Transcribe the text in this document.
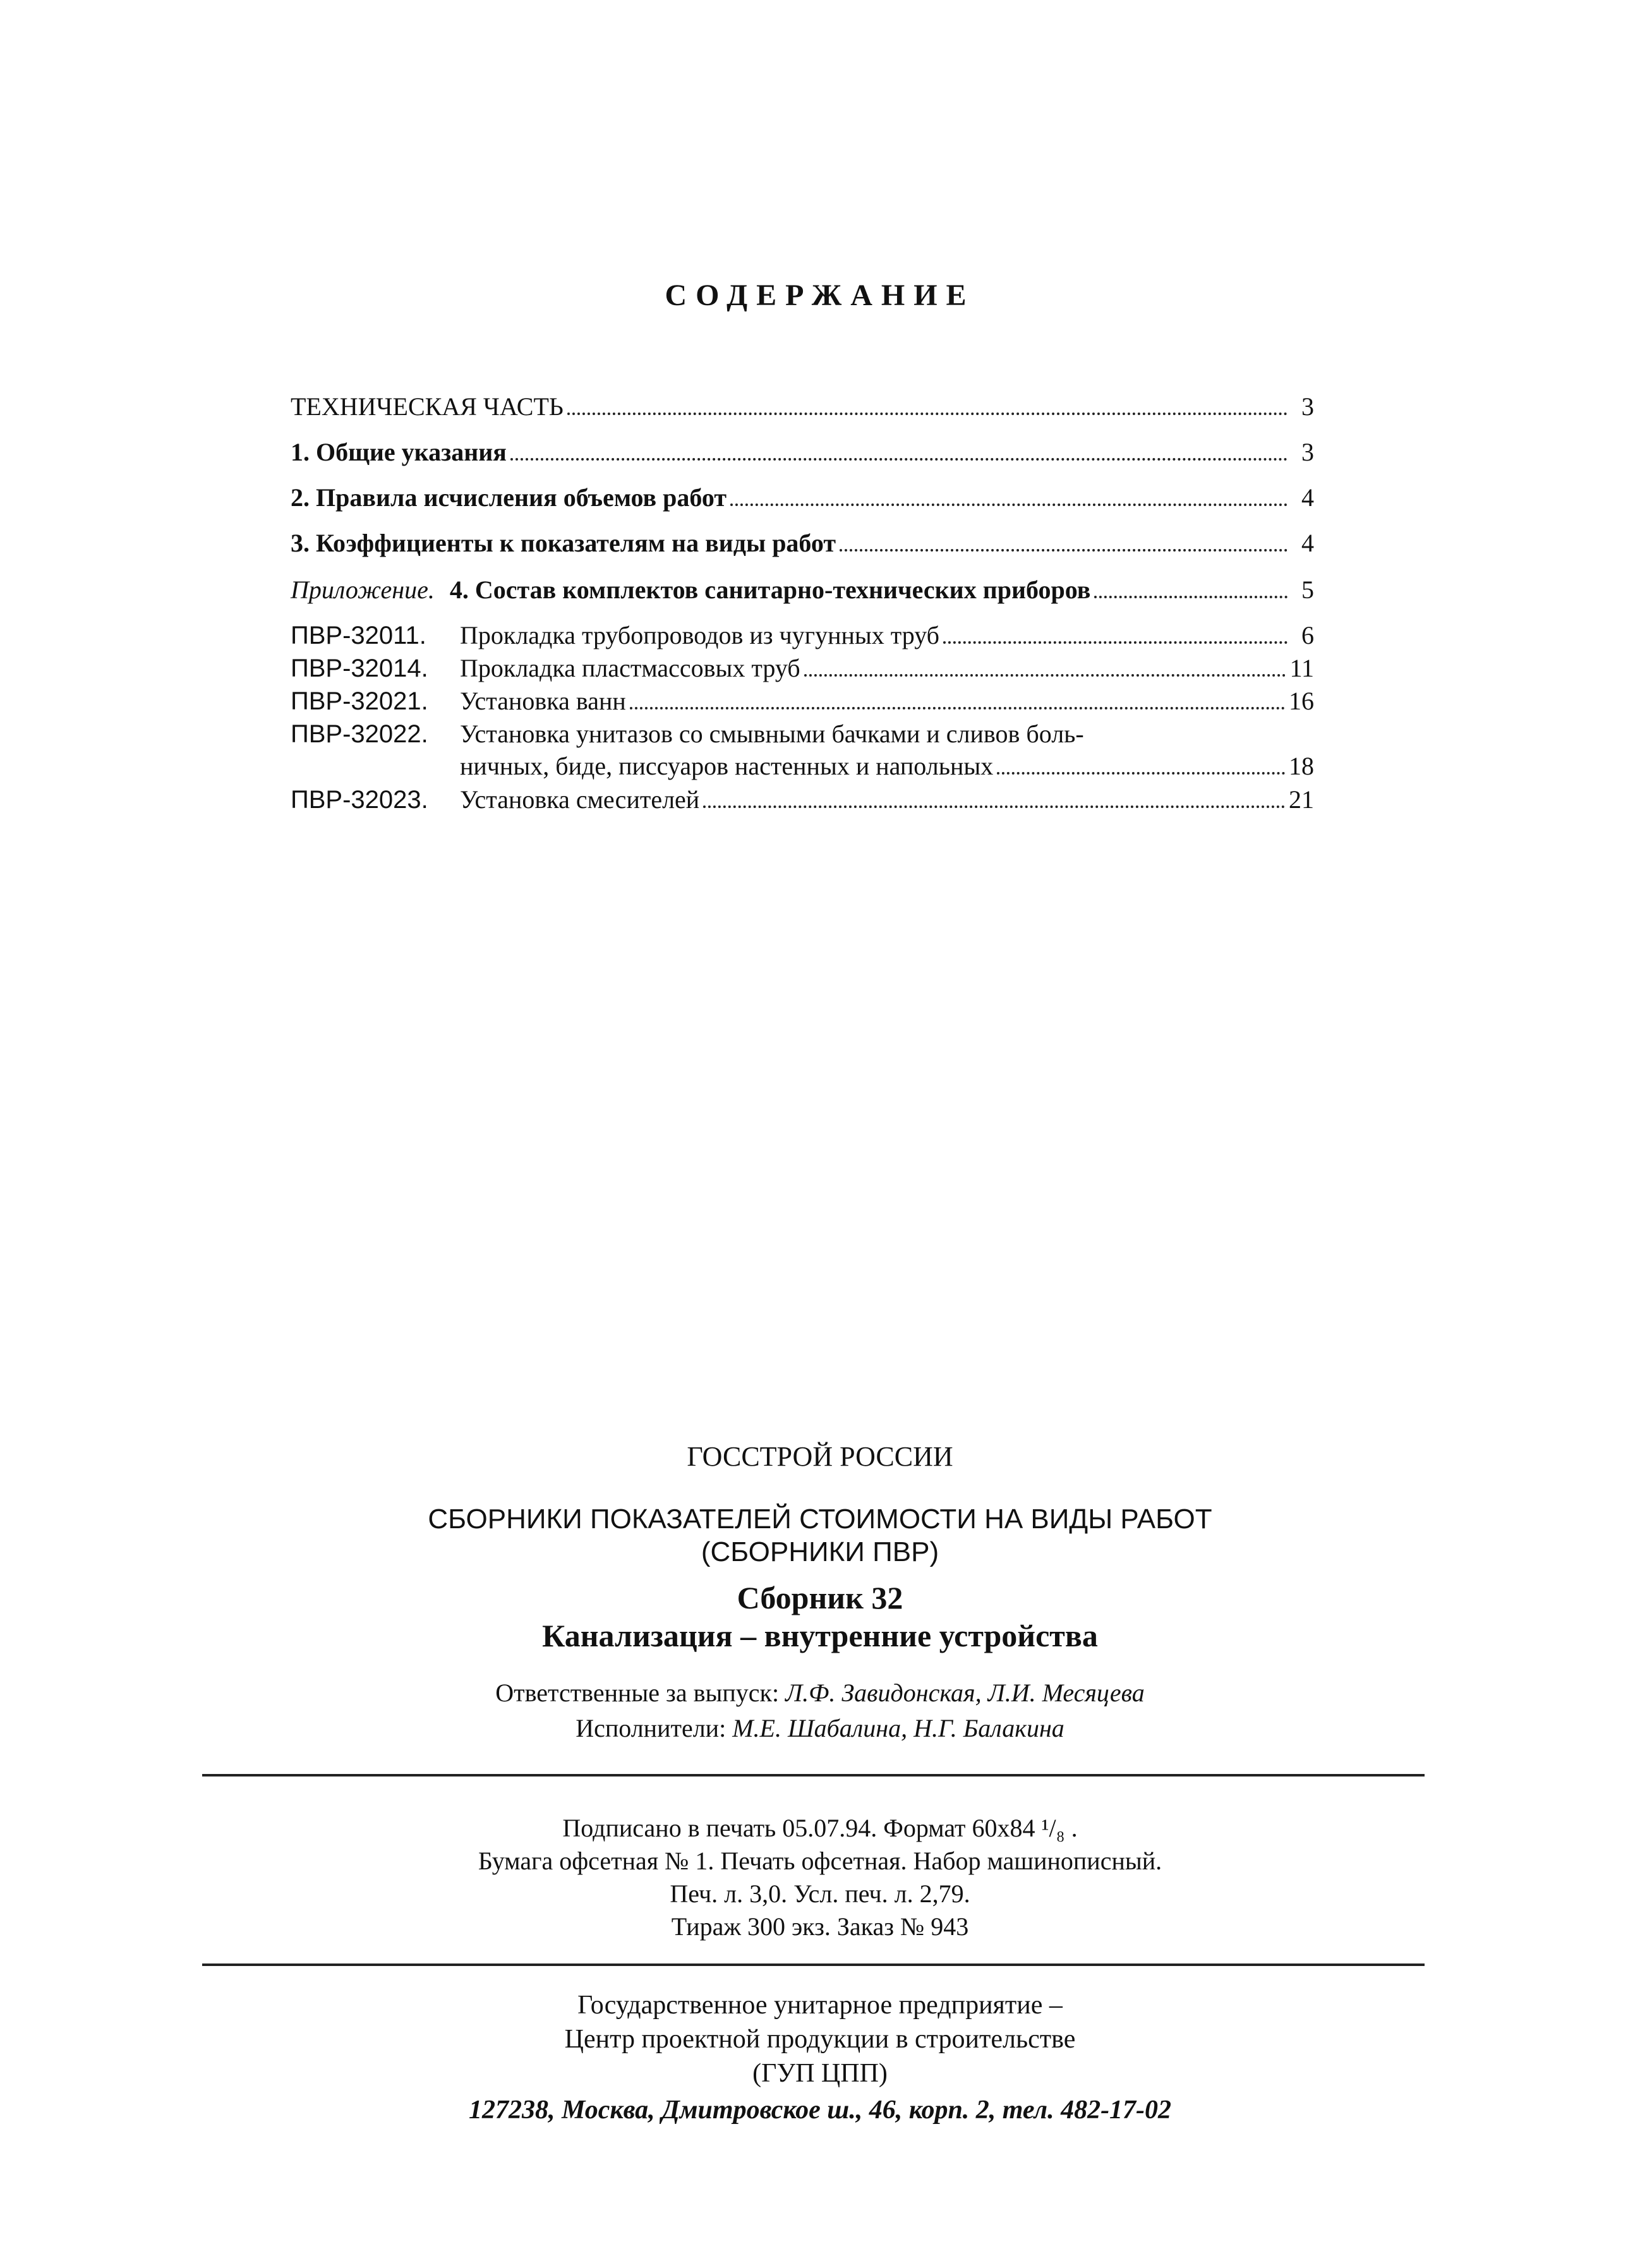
СОДЕРЖАНИЕ
ТЕХНИЧЕСКАЯ ЧАСТЬ	3
1. Общие указания	3
2. Правила исчисления объемов работ	4
3. Коэффициенты к показателям на виды работ	4
Приложение. 4. Состав комплектов санитарно-технических приборов	5
ПВР-32011. Прокладка трубопроводов из чугунных труб	6
ПВР-32014. Прокладка пластмассовых труб	11
ПВР-32021. Установка ванн	16
ПВР-32022. Установка унитазов со смывными бачками и сливов боль-
ничных, биде, писсуаров настенных и напольных	18
ПВР-32023. Установка смесителей	21
ГОССТРОЙ РОССИИ
СБОРНИКИ ПОКАЗАТЕЛЕЙ СТОИМОСТИ НА ВИДЫ РАБОТ
(СБОРНИКИ ПВР)
Сборник 32
Канализация – внутренние устройства
Ответственные за выпуск: Л.Ф. Завидонская, Л.И. Месяцева
Исполнители: М.Е. Шабалина, Н.Г. Балакина
Подписано в печать 05.07.94. Формат 60х84 ¹/₈ .
Бумага офсетная № 1. Печать офсетная. Набор машинописный.
Печ. л. 3,0. Усл. печ. л. 2,79.
Тираж 300 экз. Заказ № 943
Государственное унитарное предприятие –
Центр проектной продукции в строительстве
(ГУП ЦПП)
127238, Москва, Дмитровское ш., 46, корп. 2, тел. 482-17-02
